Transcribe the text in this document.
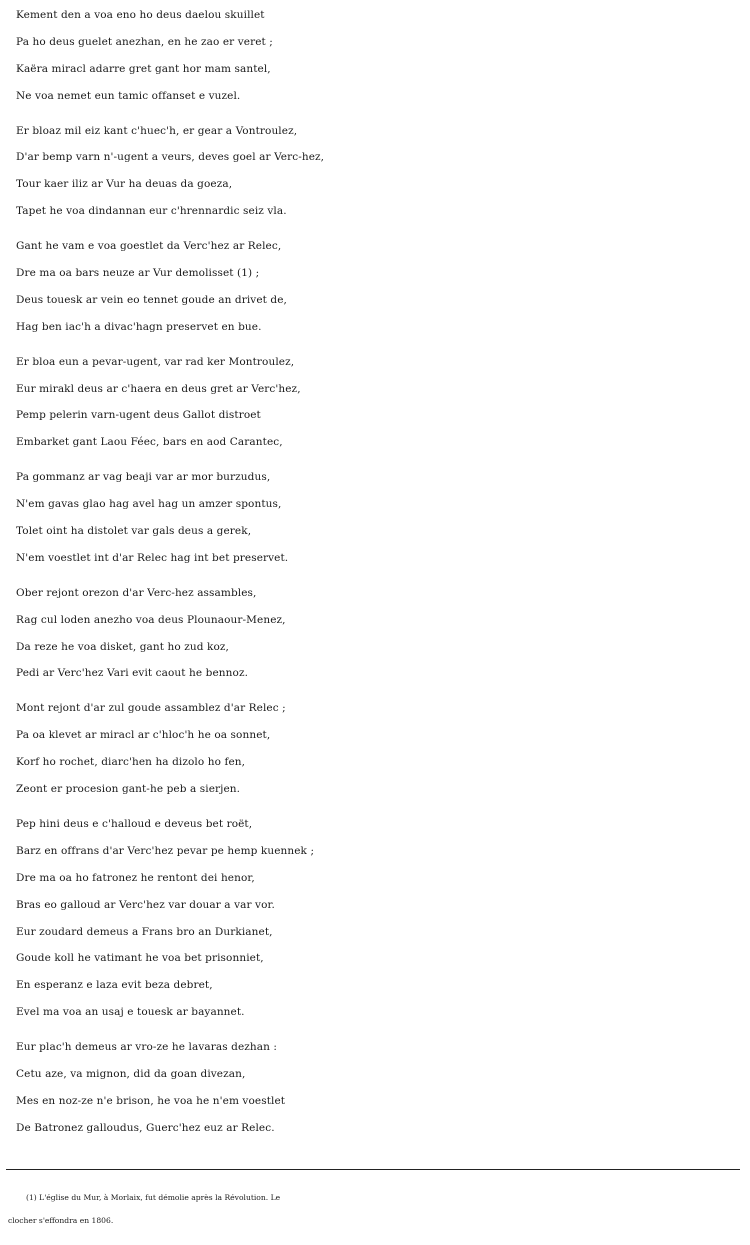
Kement den a voa eno ho deus daelou skuillet
Pa ho deus guelet anezhan, en he zao er veret ;
Kaëra miracl adarre gret gant hor mam santel,
Ne voa nemet eun tamic offanset e vuzel.
Er bloaz mil eiz kant c'huec'h, er gear a Vontroulez,
D'ar bemp varn n'-ugent a veurs, deves goel ar Verc-hez,
Tour kaer iliz ar Vur ha deuas da goeza,
Tapet he voa dindannan eur c'hrennardic seiz vla.
Gant he vam e voa goestlet da Verc'hez ar Relec,
Dre ma oa bars neuze ar Vur demolisset (1) ;
Deus touesk ar vein eo tennet goude an drivet de,
Hag ben iac'h a divac'hagn preservet en bue.
Er bloa eun a pevar-ugent, var rad ker Montroulez,
Eur mirakl deus ar c'haera en deus gret ar Verc'hez,
Pemp pelerin varn-ugent deus Gallot distroet
Embarket gant Laou Féec, bars en aod Carantec,
Pa gommanz ar vag beaji var ar mor burzudus,
N'em gavas glao hag avel hag un amzer spontus,
Tolet oint ha distolet var gals deus a gerek,
N'em voestlet int d'ar Relec hag int bet preservet.
Ober rejont orezon d'ar Verc-hez assambles,
Rag cul loden anezho voa deus Plounaour-Menez,
Da reze he voa disket, gant ho zud koz,
Pedi ar Verc'hez Vari evit caout he bennoz.
Mont rejont d'ar zul goude assamblez d'ar Relec ;
Pa oa klevet ar miracl ar c'hloc'h he oa sonnet,
Korf ho rochet, diarc'hen ha dizolo ho fen,
Zeont er procesion gant-he peb a sierjen.
Pep hini deus e c'halloud e deveus bet roët,
Barz en offrans d'ar Verc'hez pevar pe hemp kuennek ;
Dre ma oa ho fatronez he rentont dei henor,
Bras eo galloud ar Verc'hez var douar a var vor.
Eur zoudard demeus a Frans bro an Durkianet,
Goude koll he vatimant he voa bet prisonniet,
En esperanz e laza evit beza debret,
Evel ma voa an usaj e touesk ar bayannet.
Eur plac'h demeus ar vro-ze he lavaras dezhan :
Cetu aze, va mignon, did da goan divezan,
Mes en noz-ze n'e brison, he voa he n'em voestlet
De Batronez galloudus, Guerc'hez euz ar Relec.
(1) L'église du Mur, à Morlaix, fut démolie après la Révolution. Le
clocher s'effondra en 1806.
